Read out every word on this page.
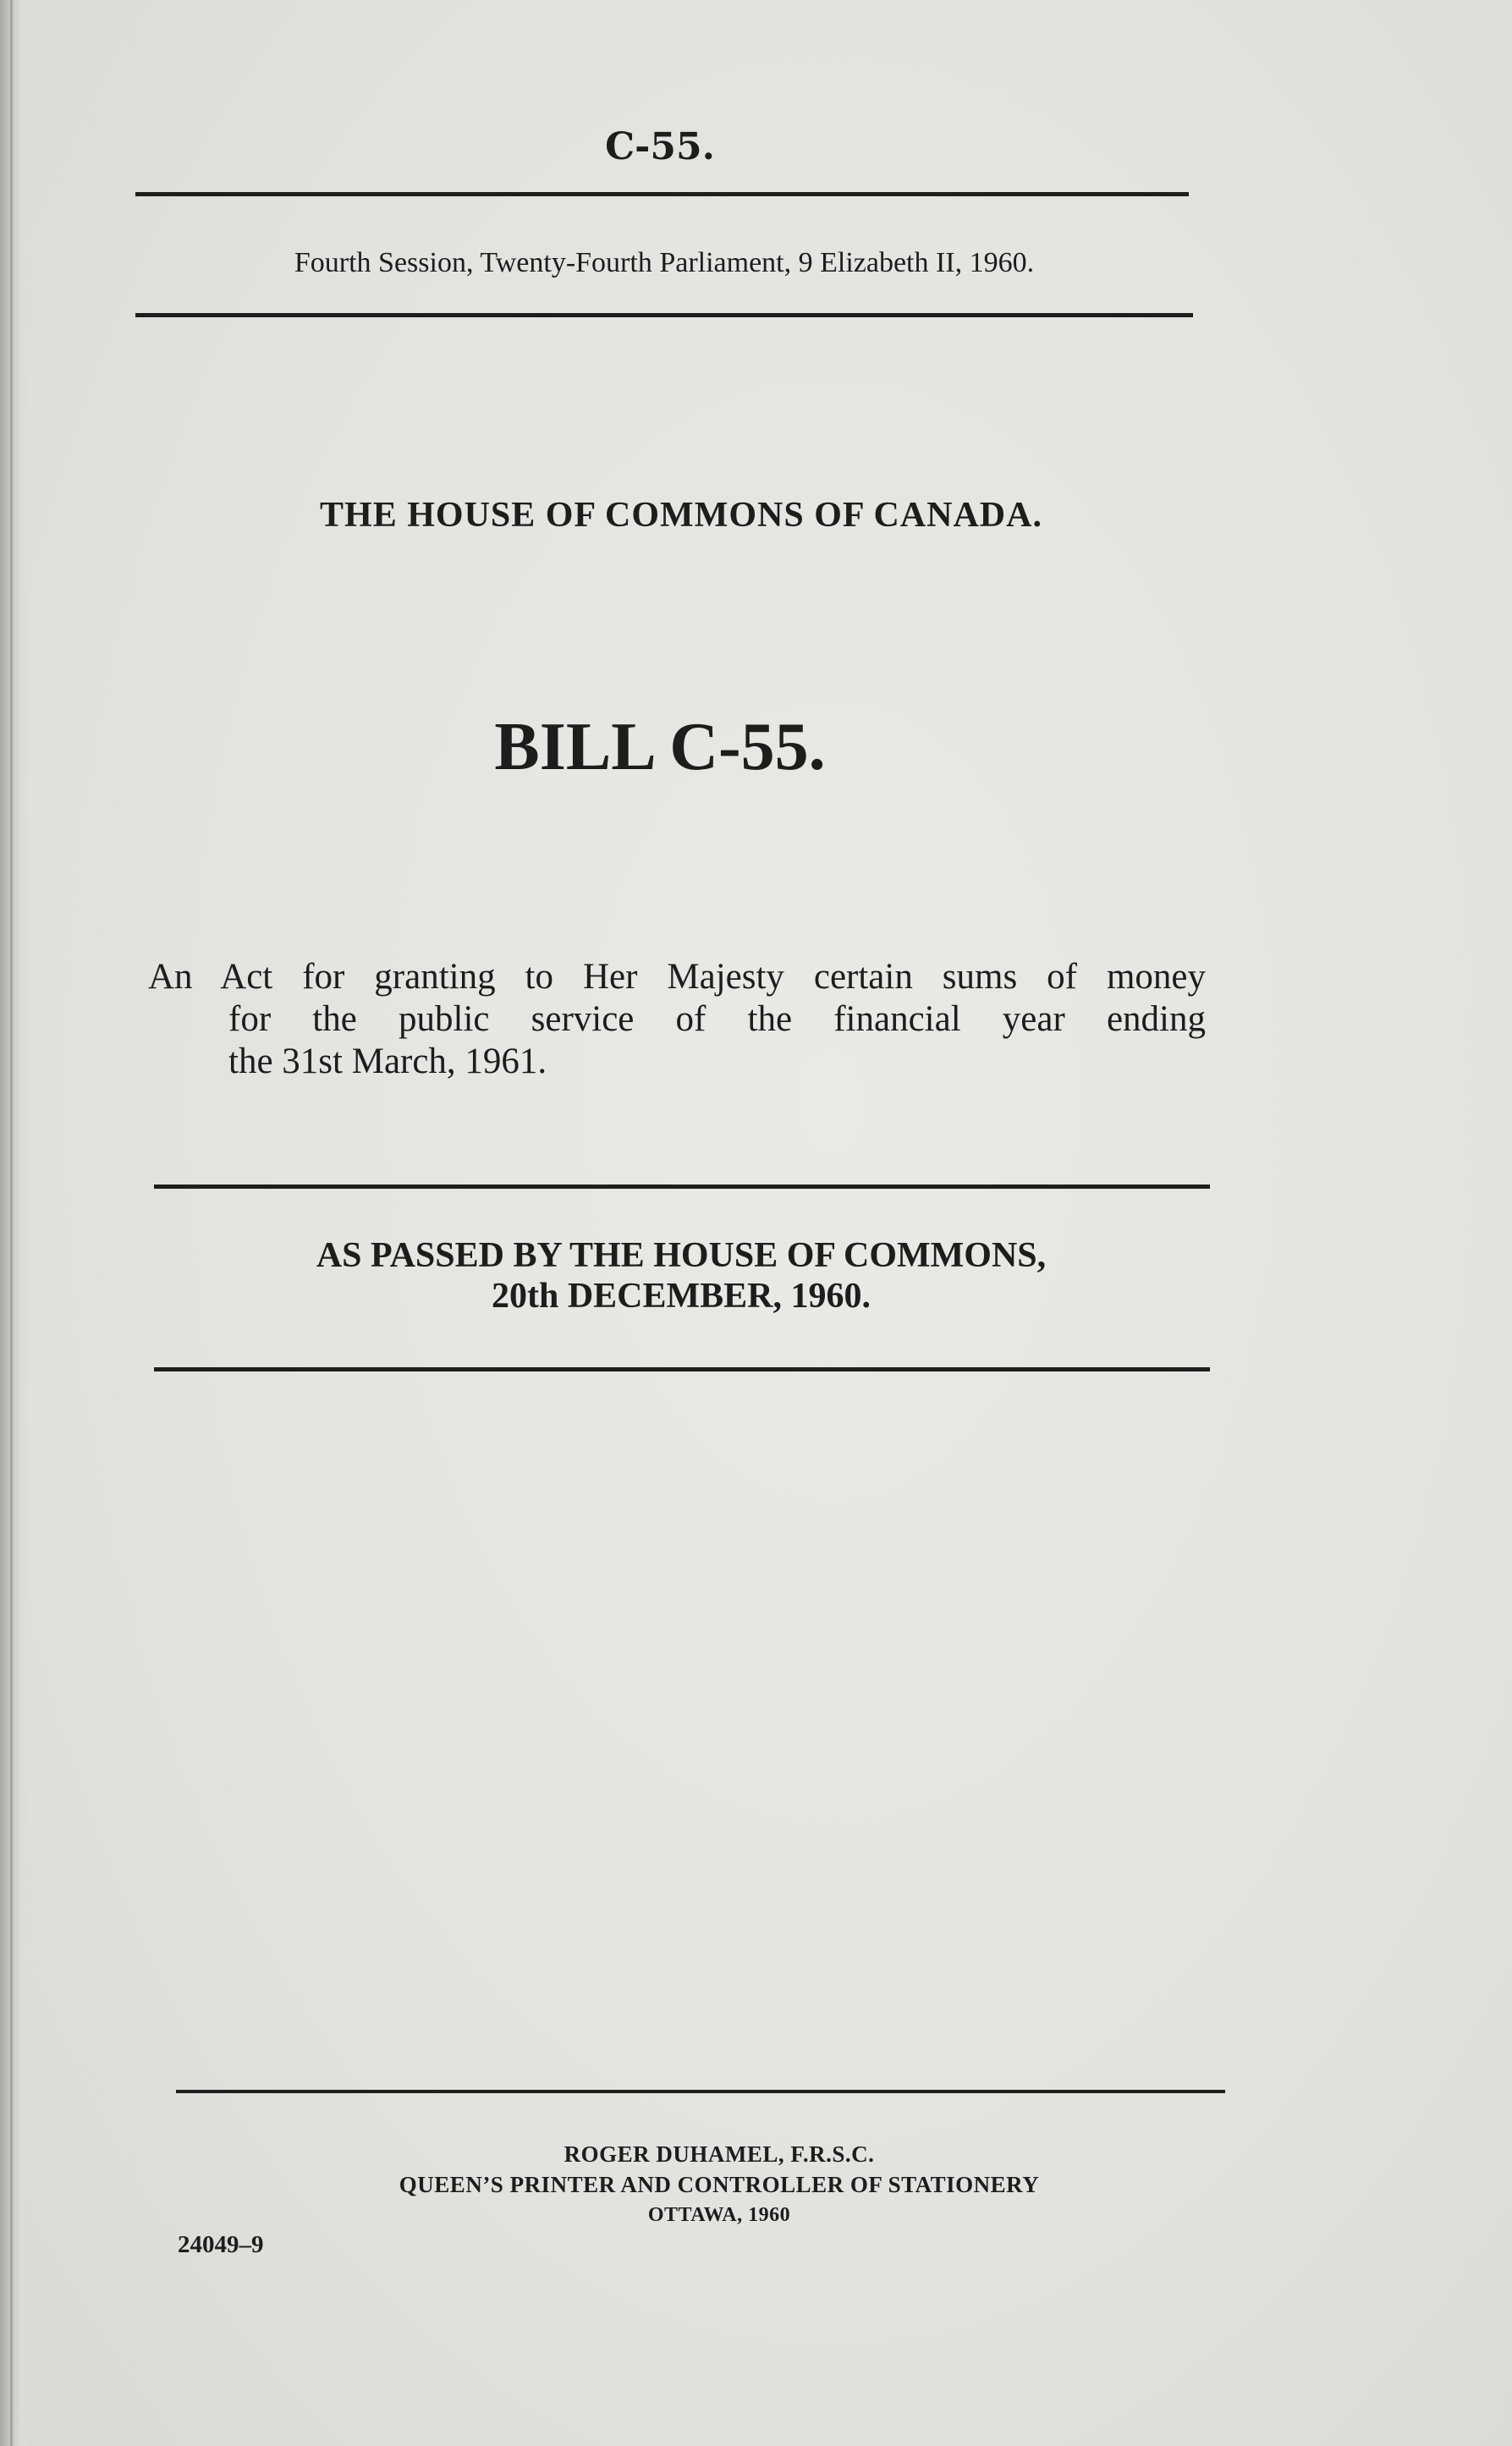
C-55.
Fourth Session, Twenty-Fourth Parliament, 9 Elizabeth II, 1960.
THE HOUSE OF COMMONS OF CANADA.
BILL C-55.
An Act for granting to Her Majesty certain sums of money
for the public service of the financial year ending
the 31st March, 1961.
AS PASSED BY THE HOUSE OF COMMONS,
20th DECEMBER, 1960.
ROGER DUHAMEL, F.R.S.C.
QUEEN’S PRINTER AND CONTROLLER OF STATIONERY
OTTAWA, 1960
24049–9
